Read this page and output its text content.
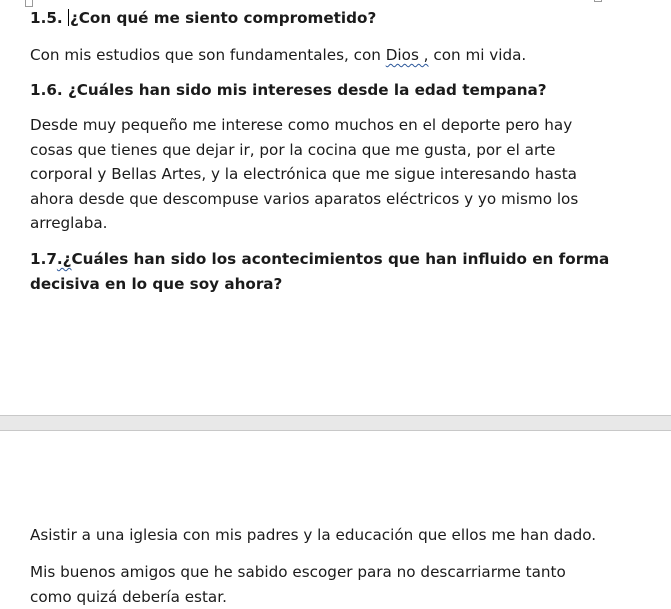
1.5. ¿Con qué me siento comprometido?

Con mis estudios que son fundamentales, con Dios , con mi vida.

1.6. ¿Cuáles han sido mis intereses desde la edad tempana?

Desde muy pequeño me interese como muchos en el deporte pero hay

cosas que tienes que dejar ir, por la cocina que me gusta, por el arte

corporal y Bellas Artes, y la electrónica que me sigue interesando hasta

ahora desde que descompuse varios aparatos eléctricos y yo mismo los

arreglaba.

1.7.¿Cuáles han sido los acontecimientos que han influido en forma

decisiva en lo que soy ahora?

Asistir a una iglesia con mis padres y la educación que ellos me han dado.

Mis buenos amigos que he sabido escoger para no descarriarme tanto

como quizá debería estar.
